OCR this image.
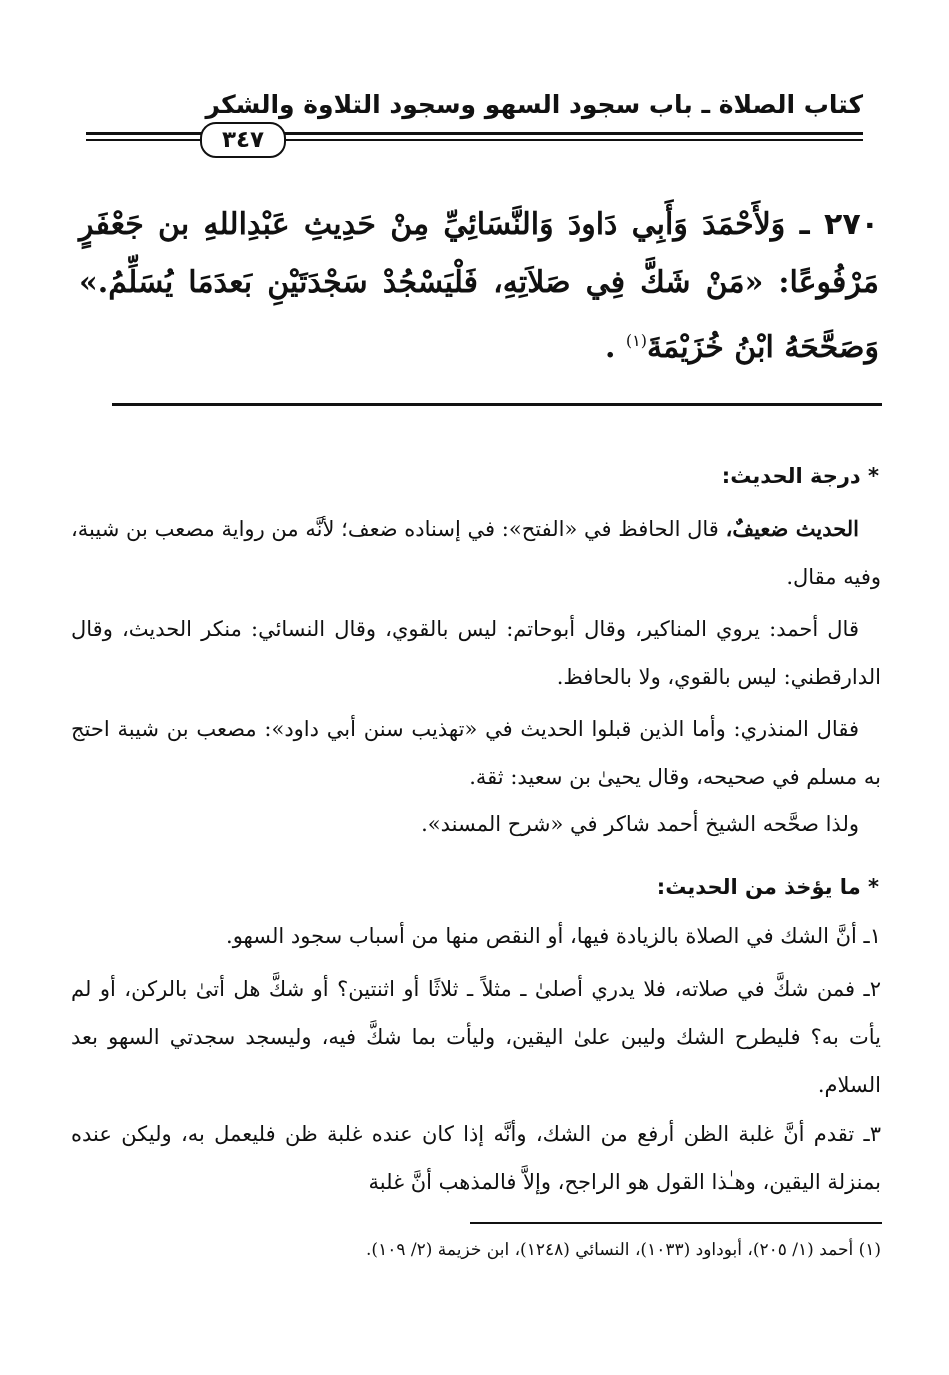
كتاب الصلاة ـ باب سجود السهو وسجود التلاوة والشكر
٣٤٧
٢٧٠ ـ وَلأَحْمَدَ وَأَبِي دَاودَ وَالنَّسَائِيِّ مِنْ حَدِيثِ عَبْدِاللهِ بن جَعْفَرٍ مَرْفُوعًا: «مَنْ شَكَّ فِي صَلاَتِهِ، فَلْيَسْجُدْ سَجْدَتَيْنِ بَعدَمَا يُسَلِّمُ.» وَصَحَّحَهُ ابْنُ خُزَيْمَةَ$^{(١)}$ .
* درجة الحديث:
الحديث ضعيفٌ، قال الحافظ في «الفتح»: في إسناده ضعف؛ لأنَّه من رواية مصعب بن شيبة، وفيه مقال.
قال أحمد: يروي المناكير، وقال أبوحاتم: ليس بالقوي، وقال النسائي: منكر الحديث، وقال الدارقطني: ليس بالقوي، ولا بالحافظ.
فقال المنذري: وأما الذين قبلوا الحديث في «تهذيب سنن أبي داود»: مصعب بن شيبة احتج به مسلم في صحيحه، وقال يحيىٰ بن سعيد: ثقة.
ولذا صحَّحه الشيخ أحمد شاكر في «شرح المسند».
* ما يؤخذ من الحديث:
١ـ أنَّ الشك في الصلاة بالزيادة فيها، أو النقص منها من أسباب سجود السهو.
٢ـ فمن شكَّ في صلاته، فلا يدري أصلىٰ ـ مثلاً ـ ثلاثًا أو اثنتين؟ أو شكَّ هل أتىٰ بالركن، أو لم يأت به؟ فليطرح الشك وليبن علىٰ اليقين، وليأت بما شكَّ فيه، وليسجد سجدتي السهو بعد السلام.
٣ـ تقدم أنَّ غلبة الظن أرفع من الشك، وأنَّه إذا كان عنده غلبة ظن فليعمل به، وليكن عنده بمنزلة اليقين، وهـٰذا القول هو الراجح، وإلاَّ فالمذهب أنَّ غلبة
(١) أحمد (١/ ٢٠٥)، أبوداود (١٠٣٣)، النسائي (١٢٤٨)، ابن خزيمة (٢/ ١٠٩).
